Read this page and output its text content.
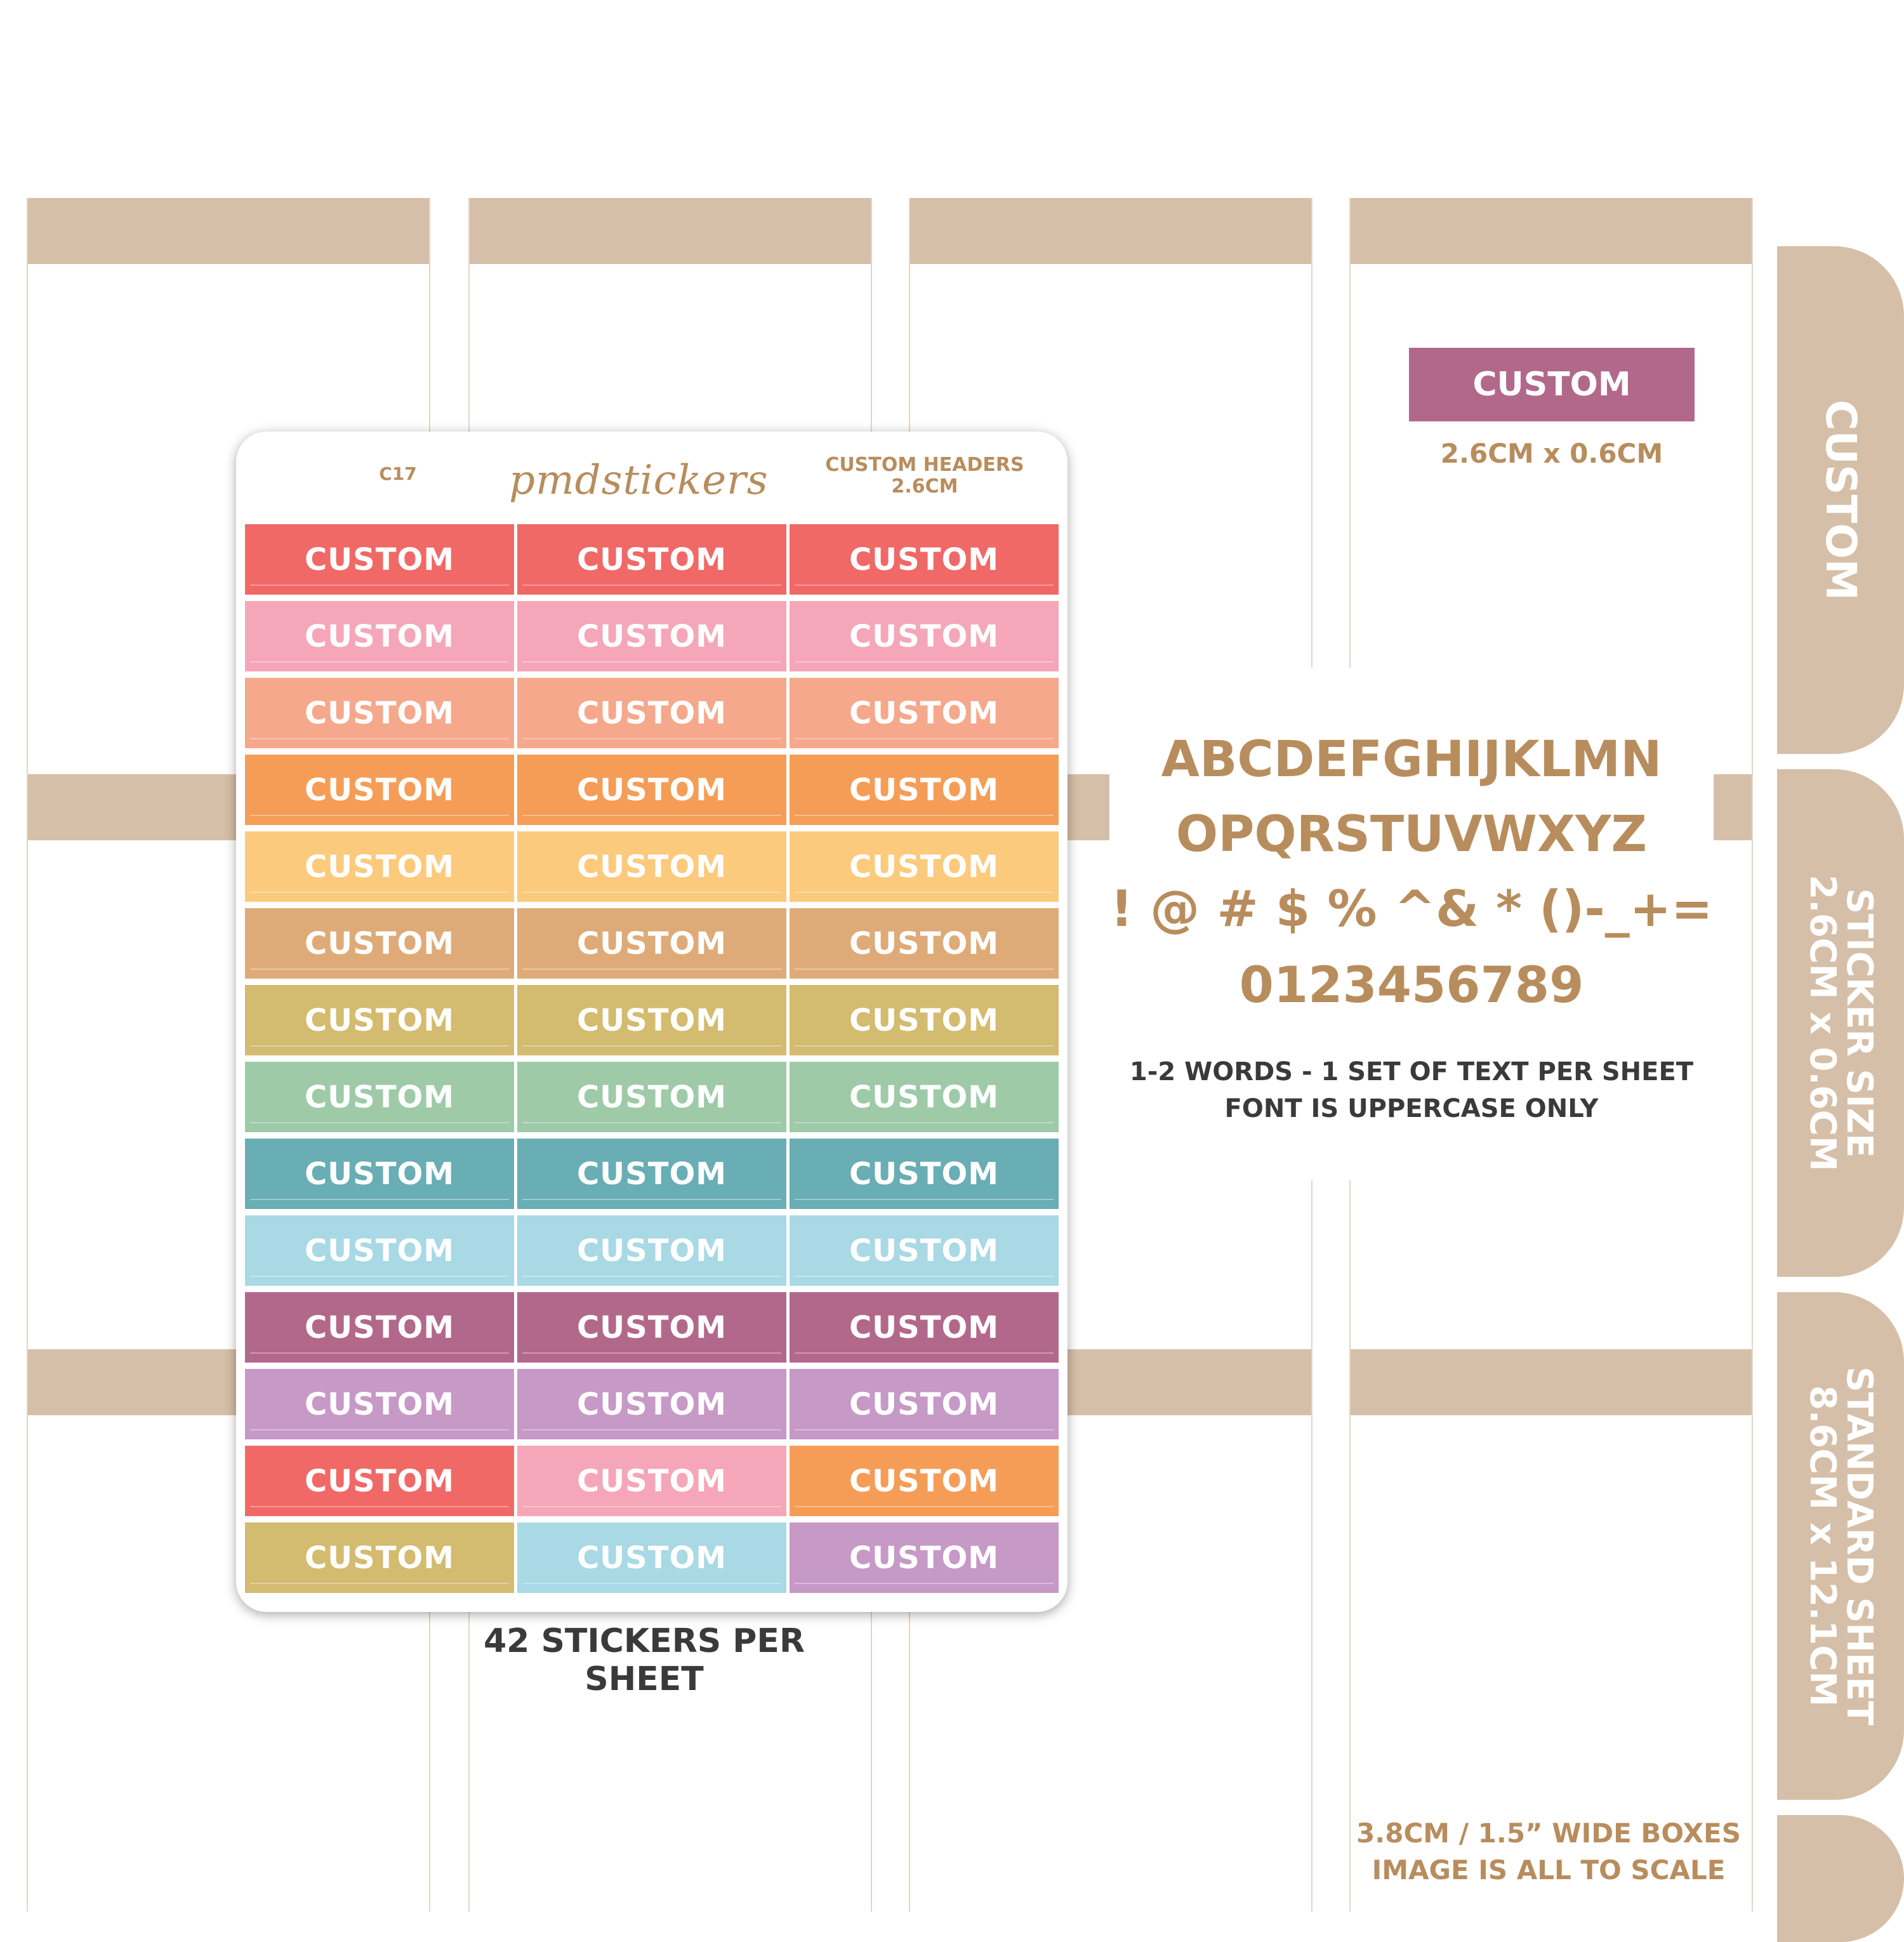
CUSTOM
STICKER SIZE
2.6CM x 0.6CM
STANDARD SHEET
8.6CM x 12.1CM
CUSTOM
2.6CM x 0.6CM
C17	pmdstickers	CUSTOM HEADERS
2.6CM
CUSTOM	CUSTOM	CUSTOM
CUSTOM	CUSTOM	CUSTOM
CUSTOM	CUSTOM	CUSTOM
CUSTOM	CUSTOM	CUSTOM
CUSTOM	CUSTOM	CUSTOM
CUSTOM	CUSTOM	CUSTOM
CUSTOM	CUSTOM	CUSTOM
CUSTOM	CUSTOM	CUSTOM
CUSTOM	CUSTOM	CUSTOM
CUSTOM	CUSTOM	CUSTOM
CUSTOM	CUSTOM	CUSTOM
CUSTOM	CUSTOM	CUSTOM
CUSTOM	CUSTOM	CUSTOM
CUSTOM	CUSTOM	CUSTOM
42 STICKERS PER SHEET
ABCDEFGHIJKLMN
OPQRSTUVWXYZ
! @ # $ % ^& * ()-_+=
0123456789
1-2 WORDS - 1 SET OF TEXT PER SHEET
FONT IS UPPERCASE ONLY
3.8CM / 1.5” WIDE BOXES
IMAGE IS ALL TO SCALE
